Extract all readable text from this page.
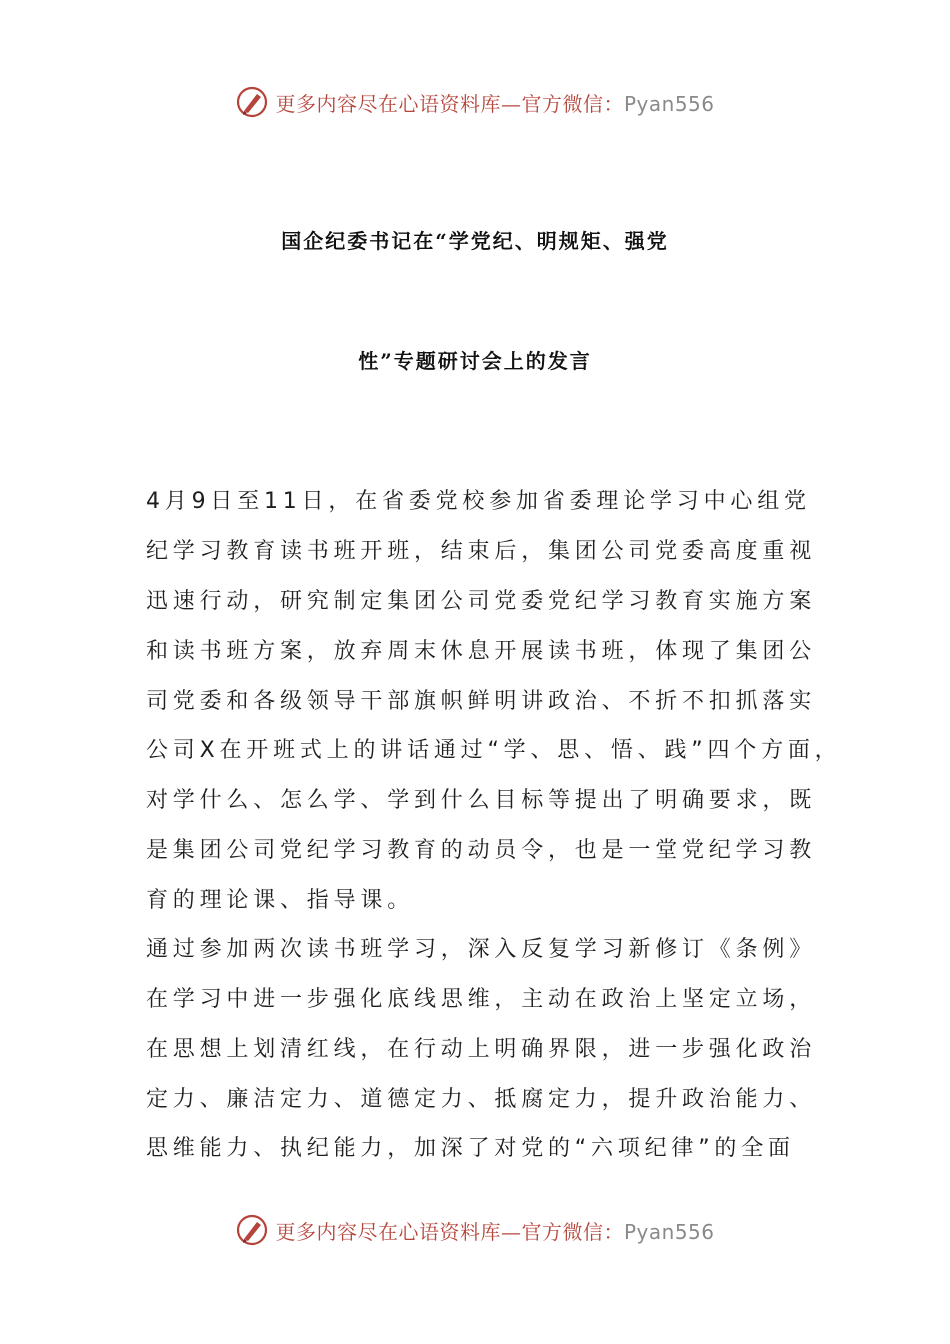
更多内容尽在心语资料库—官方微信：Pyan556
国企纪委书记在“学党纪、明规矩、强党
性”专题研讨会上的发言
4月9日至11日，在省委党校参加省委理论学习中心组党
纪学习教育读书班开班，结束后，集团公司党委高度重视
迅速行动，研究制定集团公司党委党纪学习教育实施方案
和读书班方案，放弃周末休息开展读书班，体现了集团公
司党委和各级领导干部旗帜鲜明讲政治、不折不扣抓落实
公司X在开班式上的讲话通过“学、思、悟、践”四个方面，
对学什么、怎么学、学到什么目标等提出了明确要求，既
是集团公司党纪学习教育的动员令，也是一堂党纪学习教
育的理论课、指导课。
通过参加两次读书班学习，深入反复学习新修订《条例》
在学习中进一步强化底线思维，主动在政治上坚定立场，
在思想上划清红线，在行动上明确界限，进一步强化政治
定力、廉洁定力、道德定力、抵腐定力，提升政治能力、
思维能力、执纪能力，加深了对党的“六项纪律”的全面
更多内容尽在心语资料库—官方微信：Pyan556
